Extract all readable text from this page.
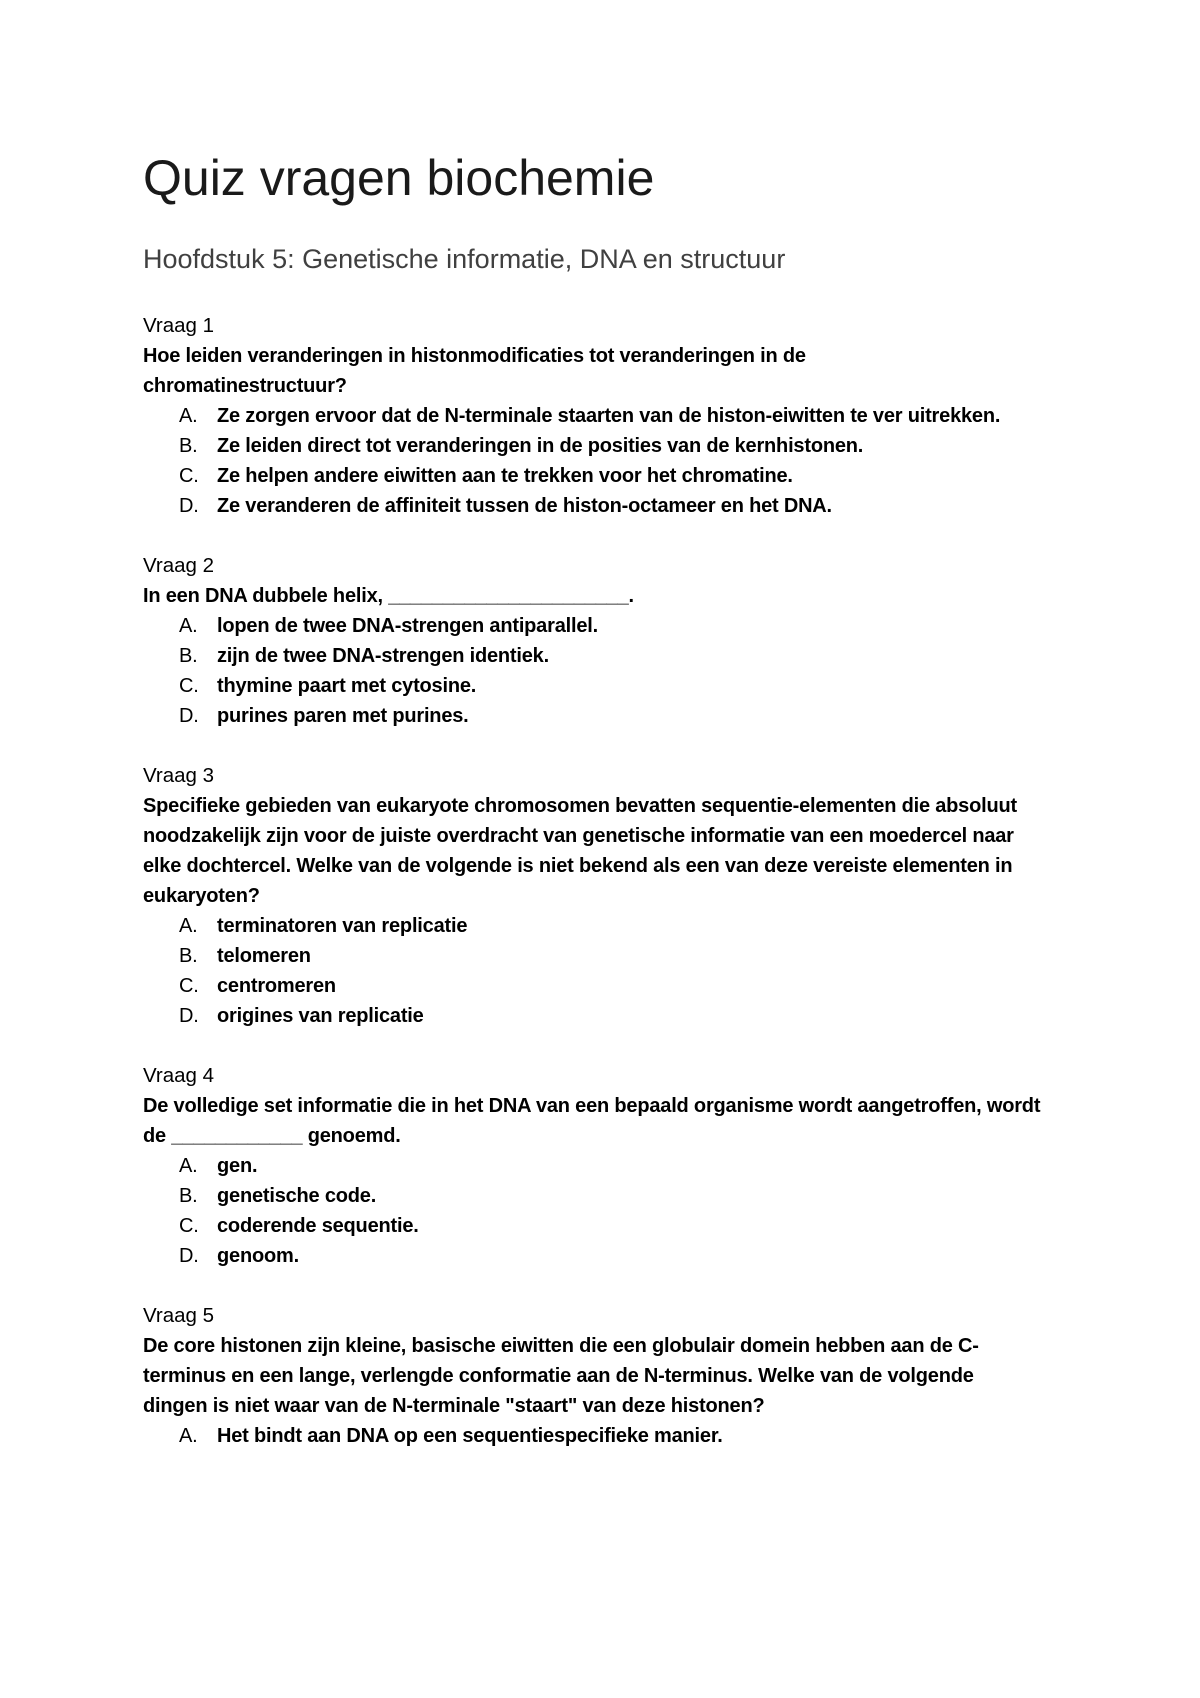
Quiz vragen biochemie
Hoofdstuk 5: Genetische informatie, DNA en structuur
Vraag 1
Hoe leiden veranderingen in histonmodificaties tot veranderingen in de chromatinestructuur?
A. Ze zorgen ervoor dat de N-terminale staarten van de histon-eiwitten te ver uitrekken.
B. Ze leiden direct tot veranderingen in de posities van de kernhistonen.
C. Ze helpen andere eiwitten aan te trekken voor het chromatine.
D. Ze veranderen de affiniteit tussen de histon-octameer en het DNA.
Vraag 2
In een DNA dubbele helix, ______________________.
A. lopen de twee DNA-strengen antiparallel.
B. zijn de twee DNA-strengen identiek.
C. thymine paart met cytosine.
D. purines paren met purines.
Vraag 3
Specifieke gebieden van eukaryote chromosomen bevatten sequentie-elementen die absoluut noodzakelijk zijn voor de juiste overdracht van genetische informatie van een moedercel naar elke dochtercel. Welke van de volgende is niet bekend als een van deze vereiste elementen in eukaryoten?
A. terminatoren van replicatie
B. telomeren
C. centromeren
D. origines van replicatie
Vraag 4
De volledige set informatie die in het DNA van een bepaald organisme wordt aangetroffen, wordt de ____________ genoemd.
A. gen.
B. genetische code.
C. coderende sequentie.
D. genoom.
Vraag 5
De core histonen zijn kleine, basische eiwitten die een globulair domein hebben aan de C-terminus en een lange, verlengde conformatie aan de N-terminus. Welke van de volgende dingen is niet waar van de N-terminale "staart" van deze histonen?
A. Het bindt aan DNA op een sequentiespecifieke manier.
